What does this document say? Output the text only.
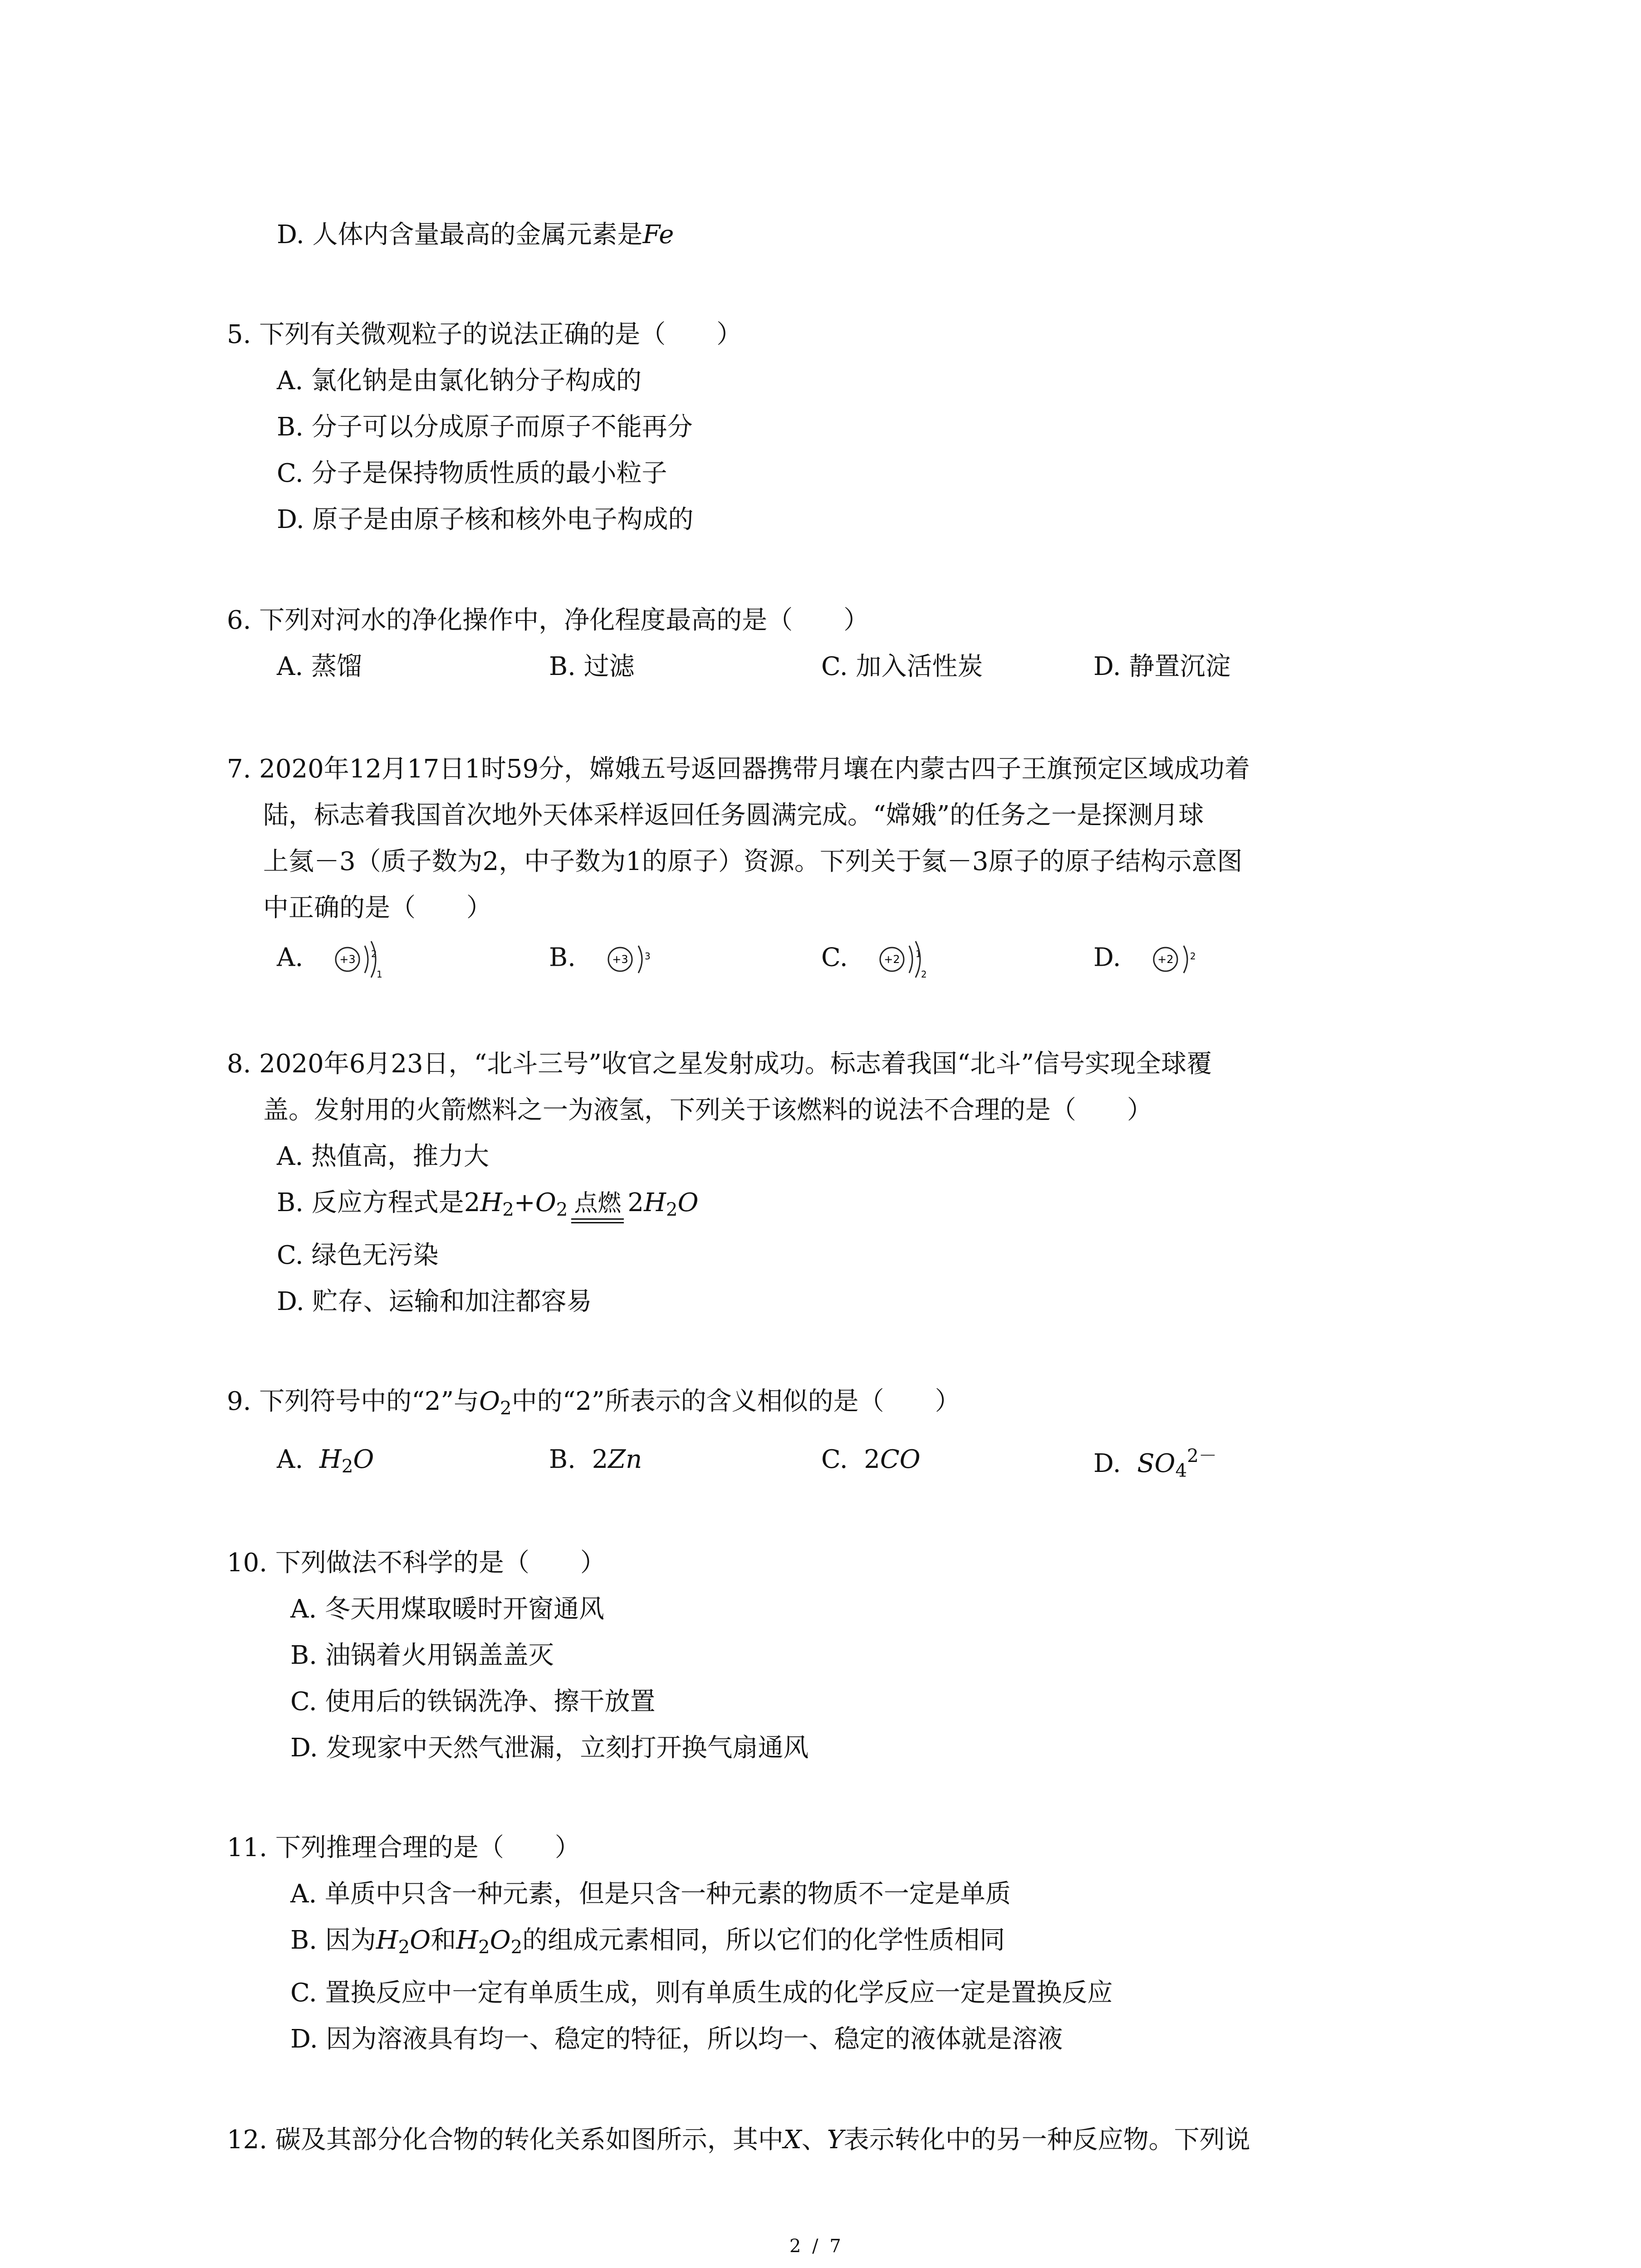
D. 人体内含量最高的金属元素是Fe
5. 下列有关微观粒子的说法正确的是（　　）
A. 氯化钠是由氯化钠分子构成的
B. 分子可以分成原子而原子不能再分
C. 分子是保持物质性质的最小粒子
D. 原子是由原子核和核外电子构成的
6. 下列对河水的净化操作中，净化程度最高的是（　　）
A. 蒸馏	B. 过滤	C. 加入活性炭	D. 静置沉淀
7. 2020年12月17日1时59分，嫦娥五号返回器携带月壤在内蒙古四子王旗预定区域成功着
陆，标志着我国首次地外天体采样返回任务圆满完成。“嫦娥”的任务之一是探测月球
上氦－3（质子数为2，中子数为1的原子）资源。下列关于氦－3原子的原子结构示意图
中正确的是（　　）
A.	+3 2
1
B.	+3 3	C.	+2 1
2
D.	+2 2
8. 2020年6月23日，“北斗三号”收官之星发射成功。标志着我国“北斗”信号实现全球覆
盖。发射用的火箭燃料之一为液氢，下列关于该燃料的说法不合理的是（　　）
A. 热值高，推力大
B. 反应方程式是$2H_2+O_2$ 点燃 $2H_2O$
C. 绿色无污染
D. 贮存、运输和加注都容易
9. 下列符号中的“2”与$O_2$中的“2”所表示的含义相似的是（　　）
A. $H_2O$	B. 2Zn	C. 2CO	D. $SO_4^{2-}$
10. 下列做法不科学的是（　　）
A. 冬天用煤取暖时开窗通风
B. 油锅着火用锅盖盖灭
C. 使用后的铁锅洗净、擦干放置
D. 发现家中天然气泄漏，立刻打开换气扇通风
11. 下列推理合理的是（　　）
A. 单质中只含一种元素，但是只含一种元素的物质不一定是单质
B. 因为$H_2O$和$H_2O_2$的组成元素相同，所以它们的化学性质相同
C. 置换反应中一定有单质生成，则有单质生成的化学反应一定是置换反应
D. 因为溶液具有均一、稳定的特征，所以均一、稳定的液体就是溶液
12. 碳及其部分化合物的转化关系如图所示，其中X、Y表示转化中的另一种反应物。下列说
2 / 7
